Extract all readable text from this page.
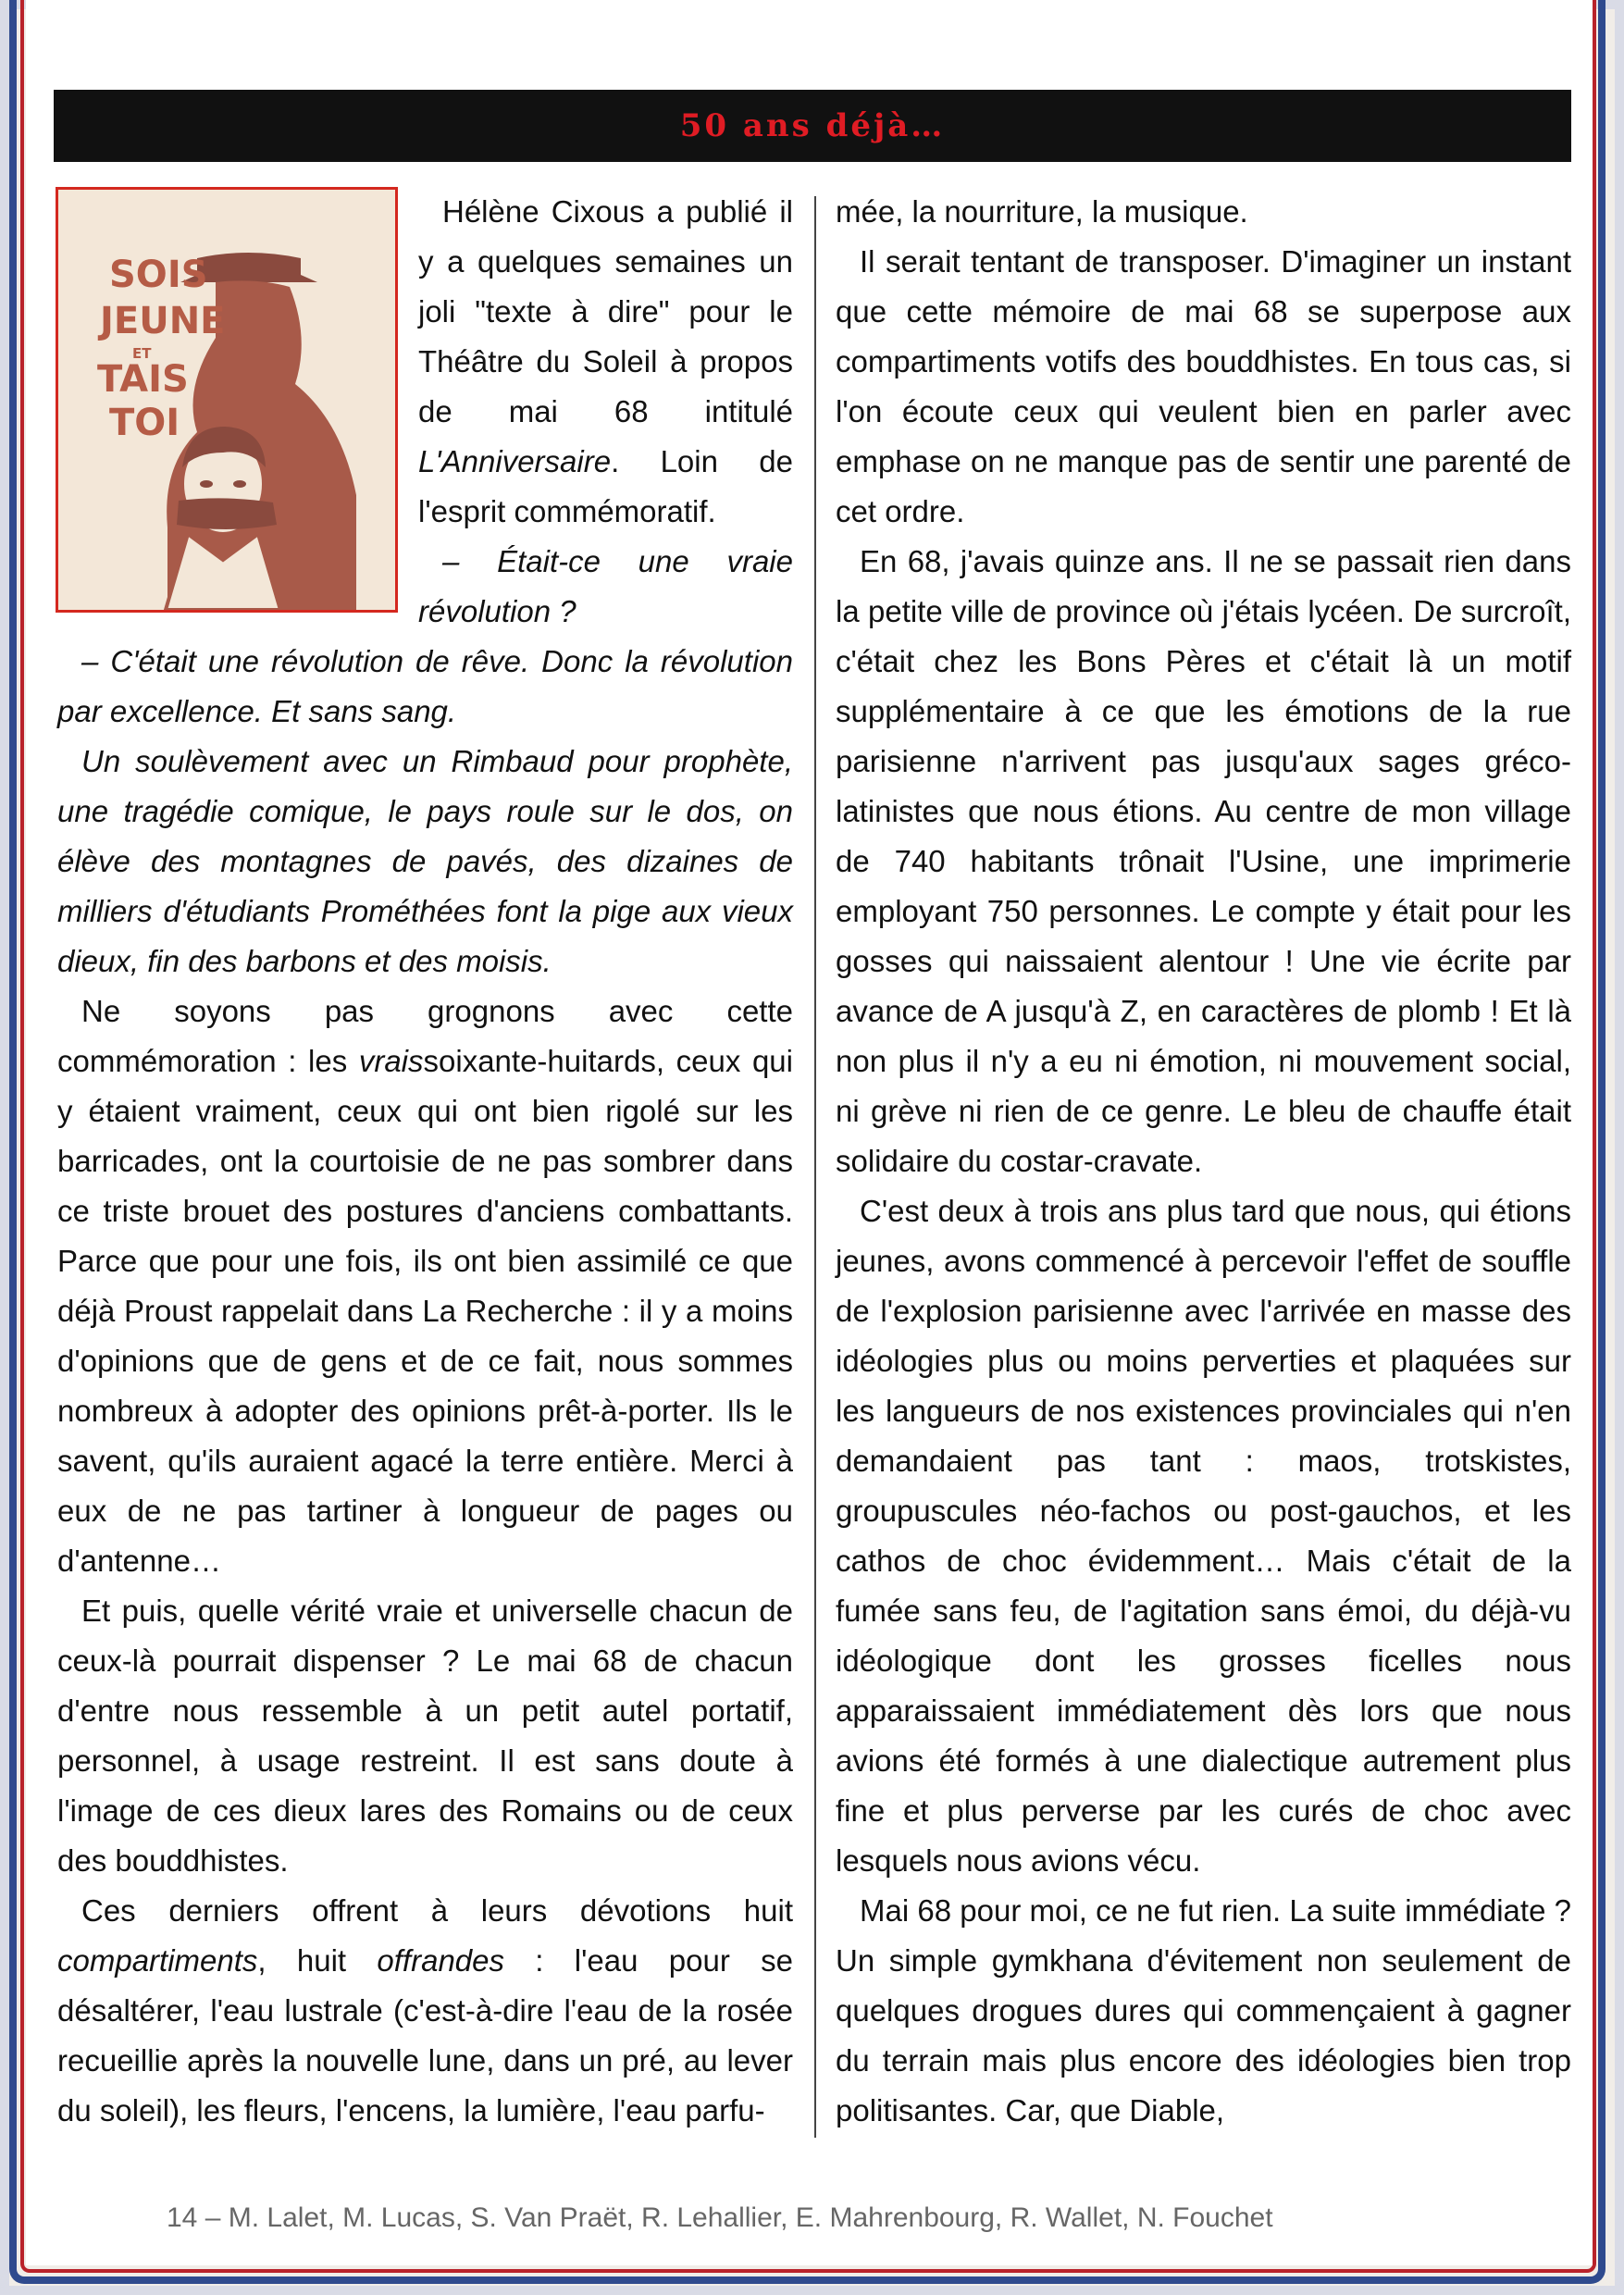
50 ans déjà…
SOIS
JEUNE
ET
TAIS
TOI

Hélène Cixous a publié il y a quelques semaines un joli "texte à dire" pour le Théâtre du Soleil à propos de mai 68 intitulé L'Anniversaire. Loin de l'esprit commémoratif.

– Était-ce une vraie révolution ?

– C'était une révolution de rêve. Donc la révolution par excellence. Et sans sang.

Un soulèvement avec un Rimbaud pour prophète, une tragédie comique, le pays roule sur le dos, on élève des montagnes de pavés, des dizaines de milliers d'étudiants Prométhées font la pige aux vieux dieux, fin des barbons et des moisis.

Ne soyons pas grognons avec cette commémoration : les vraissoixante-huitards, ceux qui y étaient vraiment, ceux qui ont bien rigolé sur les barricades, ont la courtoisie de ne pas sombrer dans ce triste brouet des postures d'anciens combattants. Parce que pour une fois, ils ont bien assimilé ce que déjà Proust rappelait dans La Recherche : il y a moins d'opinions que de gens et de ce fait, nous sommes nombreux à adopter des opinions prêt-à-porter. Ils le savent, qu'ils auraient agacé la terre entière. Merci à eux de ne pas tartiner à longueur de pages ou d'antenne…

Et puis, quelle vérité vraie et universelle chacun de ceux-là pourrait dispenser ? Le mai 68 de chacun d'entre nous ressemble à un petit autel portatif, personnel, à usage restreint. Il est sans doute à l'image de ces dieux lares des Romains ou de ceux des bouddhistes.

Ces derniers offrent à leurs dévotions huit compartiments, huit offrandes : l'eau pour se désaltérer, l'eau lustrale (c'est-à-dire l'eau de la rosée recueillie après la nouvelle lune, dans un pré, au lever du soleil), les fleurs, l'encens, la lumière, l'eau parfu-

mée, la nourriture, la musique.

Il serait tentant de transposer. D'imaginer un instant que cette mémoire de mai 68 se superpose aux compartiments votifs des bouddhistes. En tous cas, si l'on écoute ceux qui veulent bien en parler avec emphase on ne manque pas de sentir une parenté de cet ordre.

En 68, j'avais quinze ans. Il ne se passait rien dans la petite ville de province où j'étais lycéen. De surcroît, c'était chez les Bons Pères et c'était là un motif supplémentaire à ce que les émotions de la rue parisienne n'arrivent pas jusqu'aux sages gréco-latinistes que nous étions. Au centre de mon village de 740 habitants trônait l'Usine, une imprimerie employant 750 personnes. Le compte y était pour les gosses qui naissaient alentour ! Une vie écrite par avance de A jusqu'à Z, en caractères de plomb ! Et là non plus il n'y a eu ni émotion, ni mouvement social, ni grève ni rien de ce genre. Le bleu de chauffe était solidaire du costar-cravate.

C'est deux à trois ans plus tard que nous, qui étions jeunes, avons commencé à percevoir l'effet de souffle de l'explosion parisienne avec l'arrivée en masse des idéologies plus ou moins perverties et plaquées sur les langueurs de nos existences provinciales qui n'en demandaient pas tant : maos, trotskistes, groupuscules néo-fachos ou post-gauchos, et les cathos de choc évidemment… Mais c'était de la fumée sans feu, de l'agitation sans émoi, du déjà-vu idéologique dont les grosses ficelles nous apparaissaient immédiatement dès lors que nous avions été formés à une dialectique autrement plus fine et plus perverse par les curés de choc avec lesquels nous avions vécu.

Mai 68 pour moi, ce ne fut rien. La suite immédiate ? Un simple gymkhana d'évitement non seulement de quelques drogues dures qui commençaient à gagner du terrain mais plus encore des idéologies bien trop politisantes. Car, que Diable,

14 – M. Lalet, M. Lucas, S. Van Praët, R. Lehallier, E. Mahrenbourg, R. Wallet, N. Fouchet
